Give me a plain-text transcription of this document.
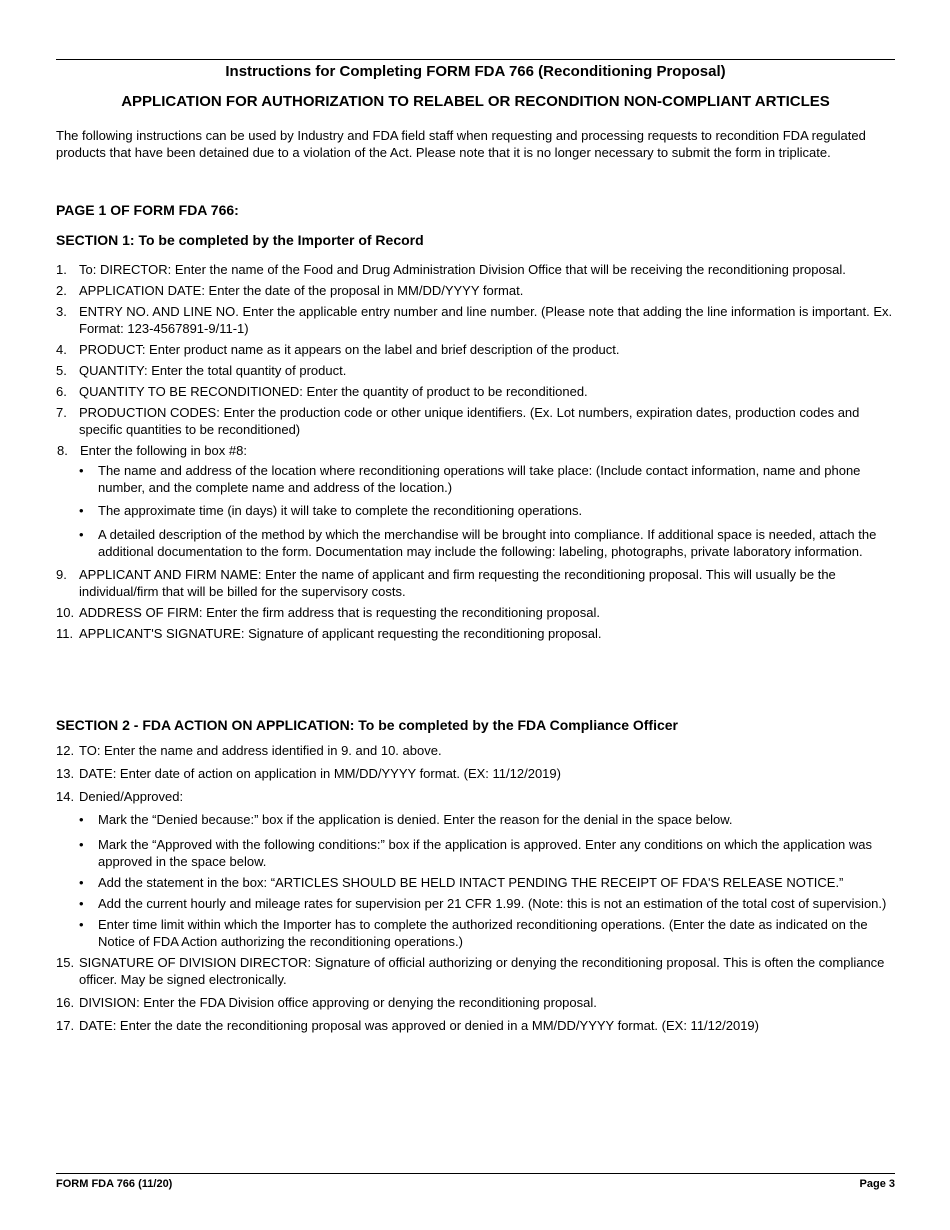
Instructions for Completing FORM FDA 766 (Reconditioning Proposal)
APPLICATION FOR AUTHORIZATION TO RELABEL OR RECONDITION NON-COMPLIANT ARTICLES

The following instructions can be used by Industry and FDA field staff when requesting and processing requests to recondition FDA regulated products that have been detained due to a violation of the Act. Please note that it is no longer necessary to submit the form in triplicate.

PAGE 1 OF FORM FDA 766:

SECTION 1: To be completed by the Importer of Record

1. To: DIRECTOR: Enter the name of the Food and Drug Administration Division Office that will be receiving the reconditioning proposal.
2. APPLICATION DATE: Enter the date of the proposal in MM/DD/YYYY format.
3. ENTRY NO. AND LINE NO. Enter the applicable entry number and line number. (Please note that adding the line information is important. Ex. Format: 123-4567891-9/11-1)
4. PRODUCT: Enter product name as it appears on the label and brief description of the product.
5. QUANTITY: Enter the total quantity of product.
6. QUANTITY TO BE RECONDITIONED: Enter the quantity of product to be reconditioned.
7. PRODUCTION CODES: Enter the production code or other unique identifiers. (Ex. Lot numbers, expiration dates, production codes and specific quantities to be reconditioned)
8. Enter the following in box #8:
• The name and address of the location where reconditioning operations will take place: (Include contact information, name and phone number, and the complete name and address of the location.)
• The approximate time (in days) it will take to complete the reconditioning operations.
• A detailed description of the method by which the merchandise will be brought into compliance. If additional space is needed, attach the additional documentation to the form. Documentation may include the following: labeling, photographs, private laboratory information.
9. APPLICANT AND FIRM NAME: Enter the name of applicant and firm requesting the reconditioning proposal. This will usually be the individual/firm that will be billed for the supervisory costs.
10. ADDRESS OF FIRM: Enter the firm address that is requesting the reconditioning proposal.
11. APPLICANT'S SIGNATURE: Signature of applicant requesting the reconditioning proposal.

SECTION 2 - FDA ACTION ON APPLICATION: To be completed by the FDA Compliance Officer

12. TO: Enter the name and address identified in 9. and 10. above.
13. DATE: Enter date of action on application in MM/DD/YYYY format. (EX: 11/12/2019)
14. Denied/Approved:
• Mark the “Denied because:” box if the application is denied. Enter the reason for the denial in the space below.
• Mark the “Approved with the following conditions:” box if the application is approved. Enter any conditions on which the application was approved in the space below.
• Add the statement in the box: “ARTICLES SHOULD BE HELD INTACT PENDING THE RECEIPT OF FDA'S RELEASE NOTICE.”
• Add the current hourly and mileage rates for supervision per 21 CFR 1.99. (Note: this is not an estimation of the total cost of supervision.)
• Enter time limit within which the Importer has to complete the authorized reconditioning operations. (Enter the date as indicated on the Notice of FDA Action authorizing the reconditioning operations.)
15. SIGNATURE OF DIVISION DIRECTOR: Signature of official authorizing or denying the reconditioning proposal. This is often the compliance officer. May be signed electronically.
16. DIVISION: Enter the FDA Division office approving or denying the reconditioning proposal.
17. DATE: Enter the date the reconditioning proposal was approved or denied in a MM/DD/YYYY format. (EX: 11/12/2019)
FORM FDA 766 (11/20)	Page 3
